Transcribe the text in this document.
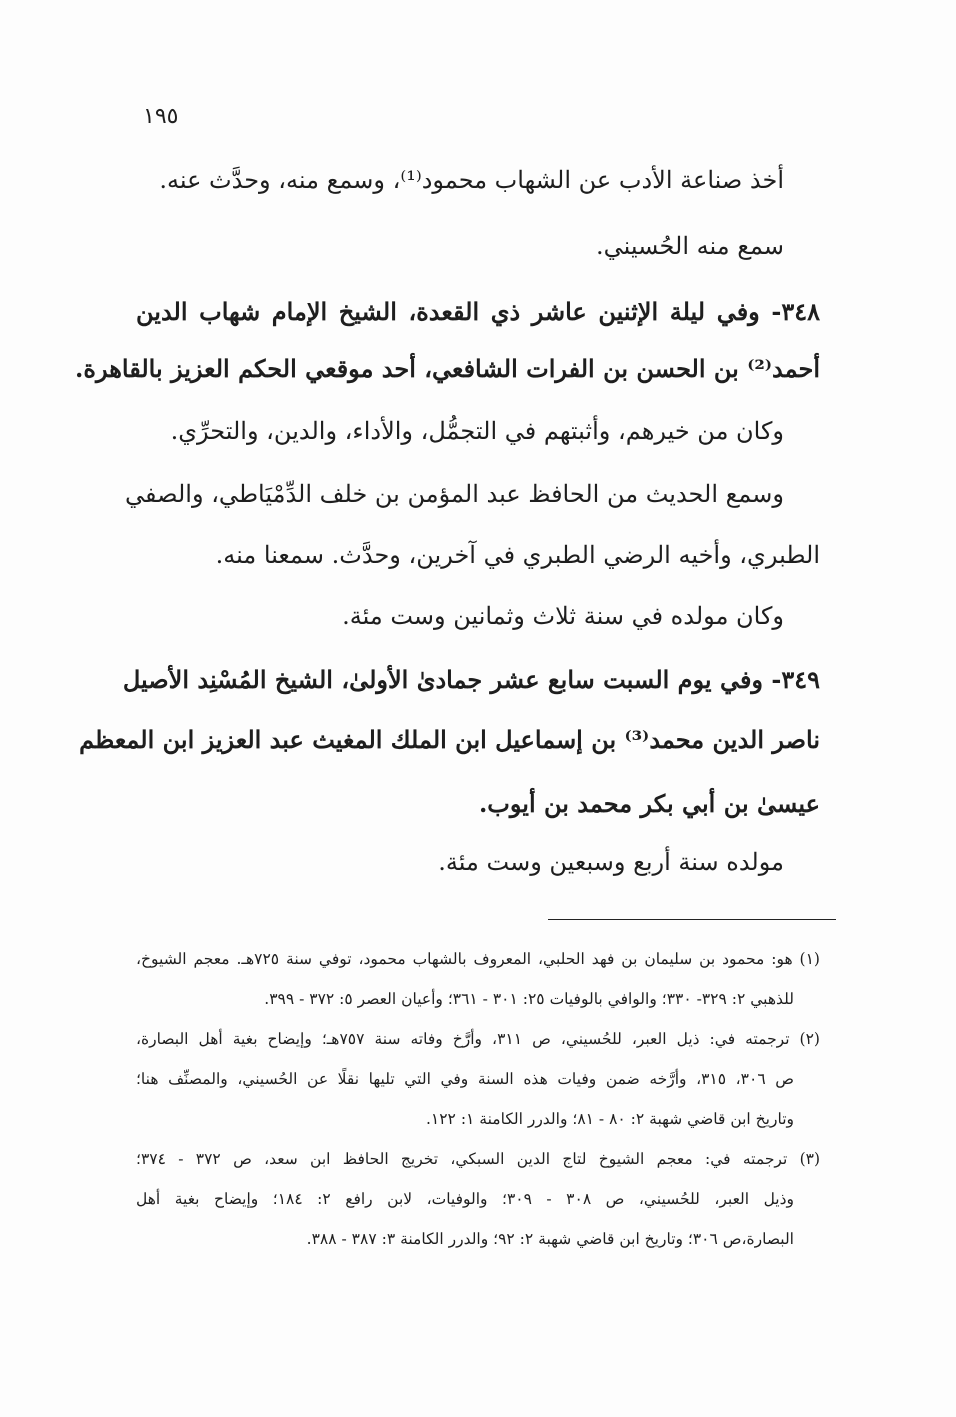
١٩٥
أخذ صناعة الأدب عن الشهاب محمود⁽¹⁾، وسمع منه، وحدَّث عنه.
سمع منه الحُسيني.
٣٤٨- وفي ليلة الإثنين عاشر ذي القعدة، الشيخ الإمام شهاب الدين
أحمد⁽²⁾ بن الحسن بن الفرات الشافعي، أحد موقعي الحكم العزيز بالقاهرة.
وكان من خيرهم، وأثبتهم في التجمُّل، والأداء، والدين، والتحرِّي.
وسمع الحديث من الحافظ عبد المؤمن بن خلف الدِّمْيَاطي، والصفي
الطبري، وأخيه الرضي الطبري في آخرين، وحدَّث. سمعنا منه.
وكان مولده في سنة ثلاث وثمانين وست مئة.
٣٤٩- وفي يوم السبت سابع عشر جمادىٰ الأولىٰ، الشيخ المُسْنِد الأصيل
ناصر الدين محمد⁽³⁾ بن إسماعيل ابن الملك المغيث عبد العزيز ابن المعظم
عيسىٰ بن أبي بكر محمد بن أيوب.
مولده سنة أربع وسبعين وست مئة.
(١) هو: محمود بن سليمان بن فهد الحلبي، المعروف بالشهاب محمود، توفي سنة ٧٢٥هـ. معجم الشيوخ،
للذهبي ٢: ٣٢٩- ٣٣٠؛ والوافي بالوفيات ٢٥: ٣٠١ - ٣٦١؛ وأعيان العصر ٥: ٣٧٢ - ٣٩٩.
(٢) ترجمته في: ذيل العبر، للحُسيني، ص ٣١١، وأرَّخ وفاته سنة ٧٥٧هـ؛ وإيضاح بغية أهل البصارة،
ص ٣٠٦، ٣١٥، وأرَّخه ضمن وفيات هذه السنة وفي التي تليها نقلًا عن الحُسيني، والمصنِّف هنا؛
وتاريخ ابن قاضي شهبة ٢: ٨٠ - ٨١؛ والدرر الكامنة ١: ١٢٢.
(٣) ترجمته في: معجم الشيوخ لتاج الدين السبكي، تخريج الحافظ ابن سعد، ص ٣٧٢ - ٣٧٤؛
وذيل العبر، للحُسيني، ص ٣٠٨ - ٣٠٩؛ والوفيات، لابن رافع ٢: ١٨٤؛ وإيضاح بغية أهل
البصارة،ص ٣٠٦؛ وتاريخ ابن قاضي شهبة ٢: ٩٢؛ والدرر الكامنة ٣: ٣٨٧ - ٣٨٨.
